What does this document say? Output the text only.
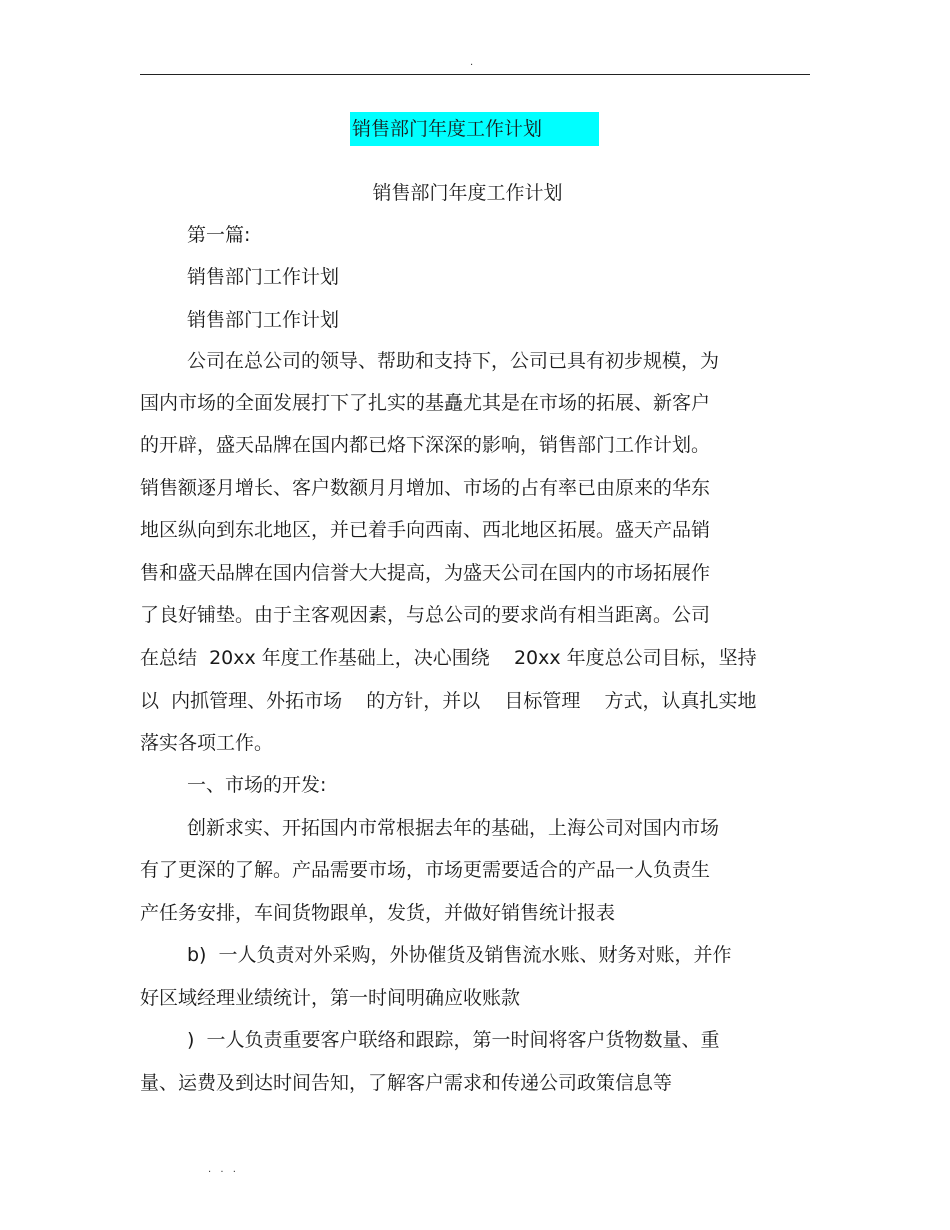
.
销售部门年度工作计划
销售部门年度工作计划
第一篇:
销售部门工作计划
销售部门工作计划
公司在总公司的领导、帮助和支持下，公司已具有初步规模，为
国内市场的全面发展打下了扎实的基矗尤其是在市场的拓展、新客户
的开辟，盛天品牌在国内都已烙下深深的影响，销售部门工作计划。
销售额逐月增长、客户数额月月增加、市场的占有率已由原来的华东
地区纵向到东北地区，并已着手向西南、西北地区拓展。盛天产品销
售和盛天品牌在国内信誉大大提高，为盛天公司在国内的市场拓展作
了良好铺垫。由于主客观因素，与总公司的要求尚有相当距离。公司
在总结  20xx 年度工作基础上，决心围绕    20xx 年度总公司目标，坚持
以  内抓管理、外拓市场    的方针，并以    目标管理    方式，认真扎实地
落实各项工作。
一、市场的开发:
创新求实、开拓国内市常根据去年的基础，上海公司对国内市场
有了更深的了解。产品需要市场，市场更需要适合的产品一人负责生
产任务安排，车间货物跟单，发货，并做好销售统计报表
b)  一人负责对外采购，外协催货及销售流水账、财务对账，并作
好区域经理业绩统计，第一时间明确应收账款
)  一人负责重要客户联络和跟踪，第一时间将客户货物数量、重
量、运费及到达时间告知，了解客户需求和传递公司政策信息等
. . .
